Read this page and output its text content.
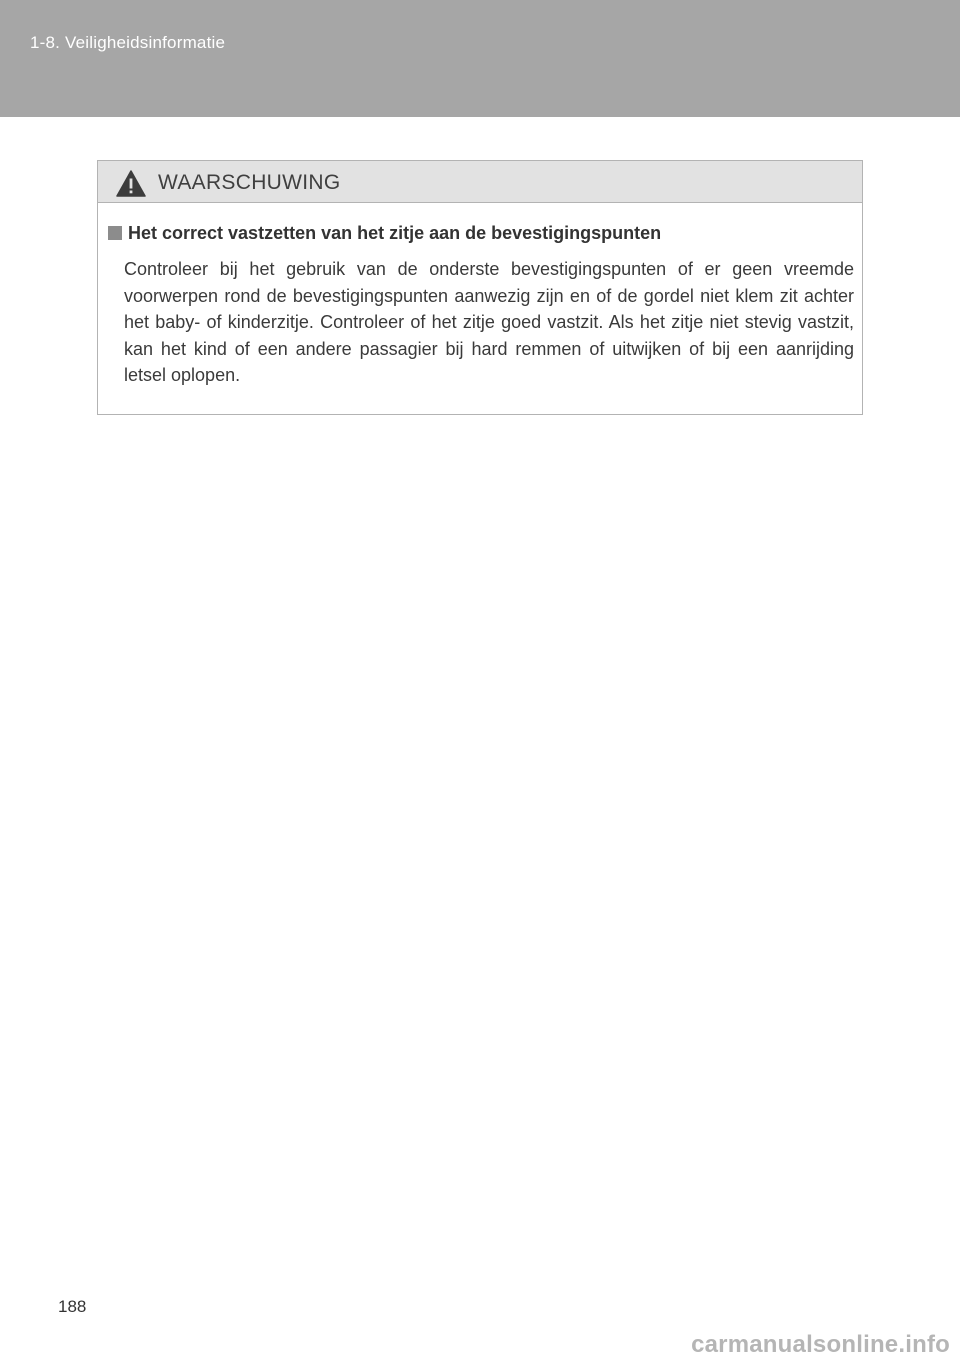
1-8. Veiligheidsinformatie
WAARSCHUWING
Het correct vastzetten van het zitje aan de bevestigingspunten

Controleer bij het gebruik van de onderste bevestigingspunten of er geen vreemde voorwerpen rond de bevestigingspunten aanwezig zijn en of de gordel niet klem zit achter het baby- of kinderzitje. Controleer of het zitje goed vastzit. Als het zitje niet stevig vastzit, kan het kind of een andere passagier bij hard remmen of uitwijken of bij een aanrijding letsel oplopen.

188
carmanualsonline.info
